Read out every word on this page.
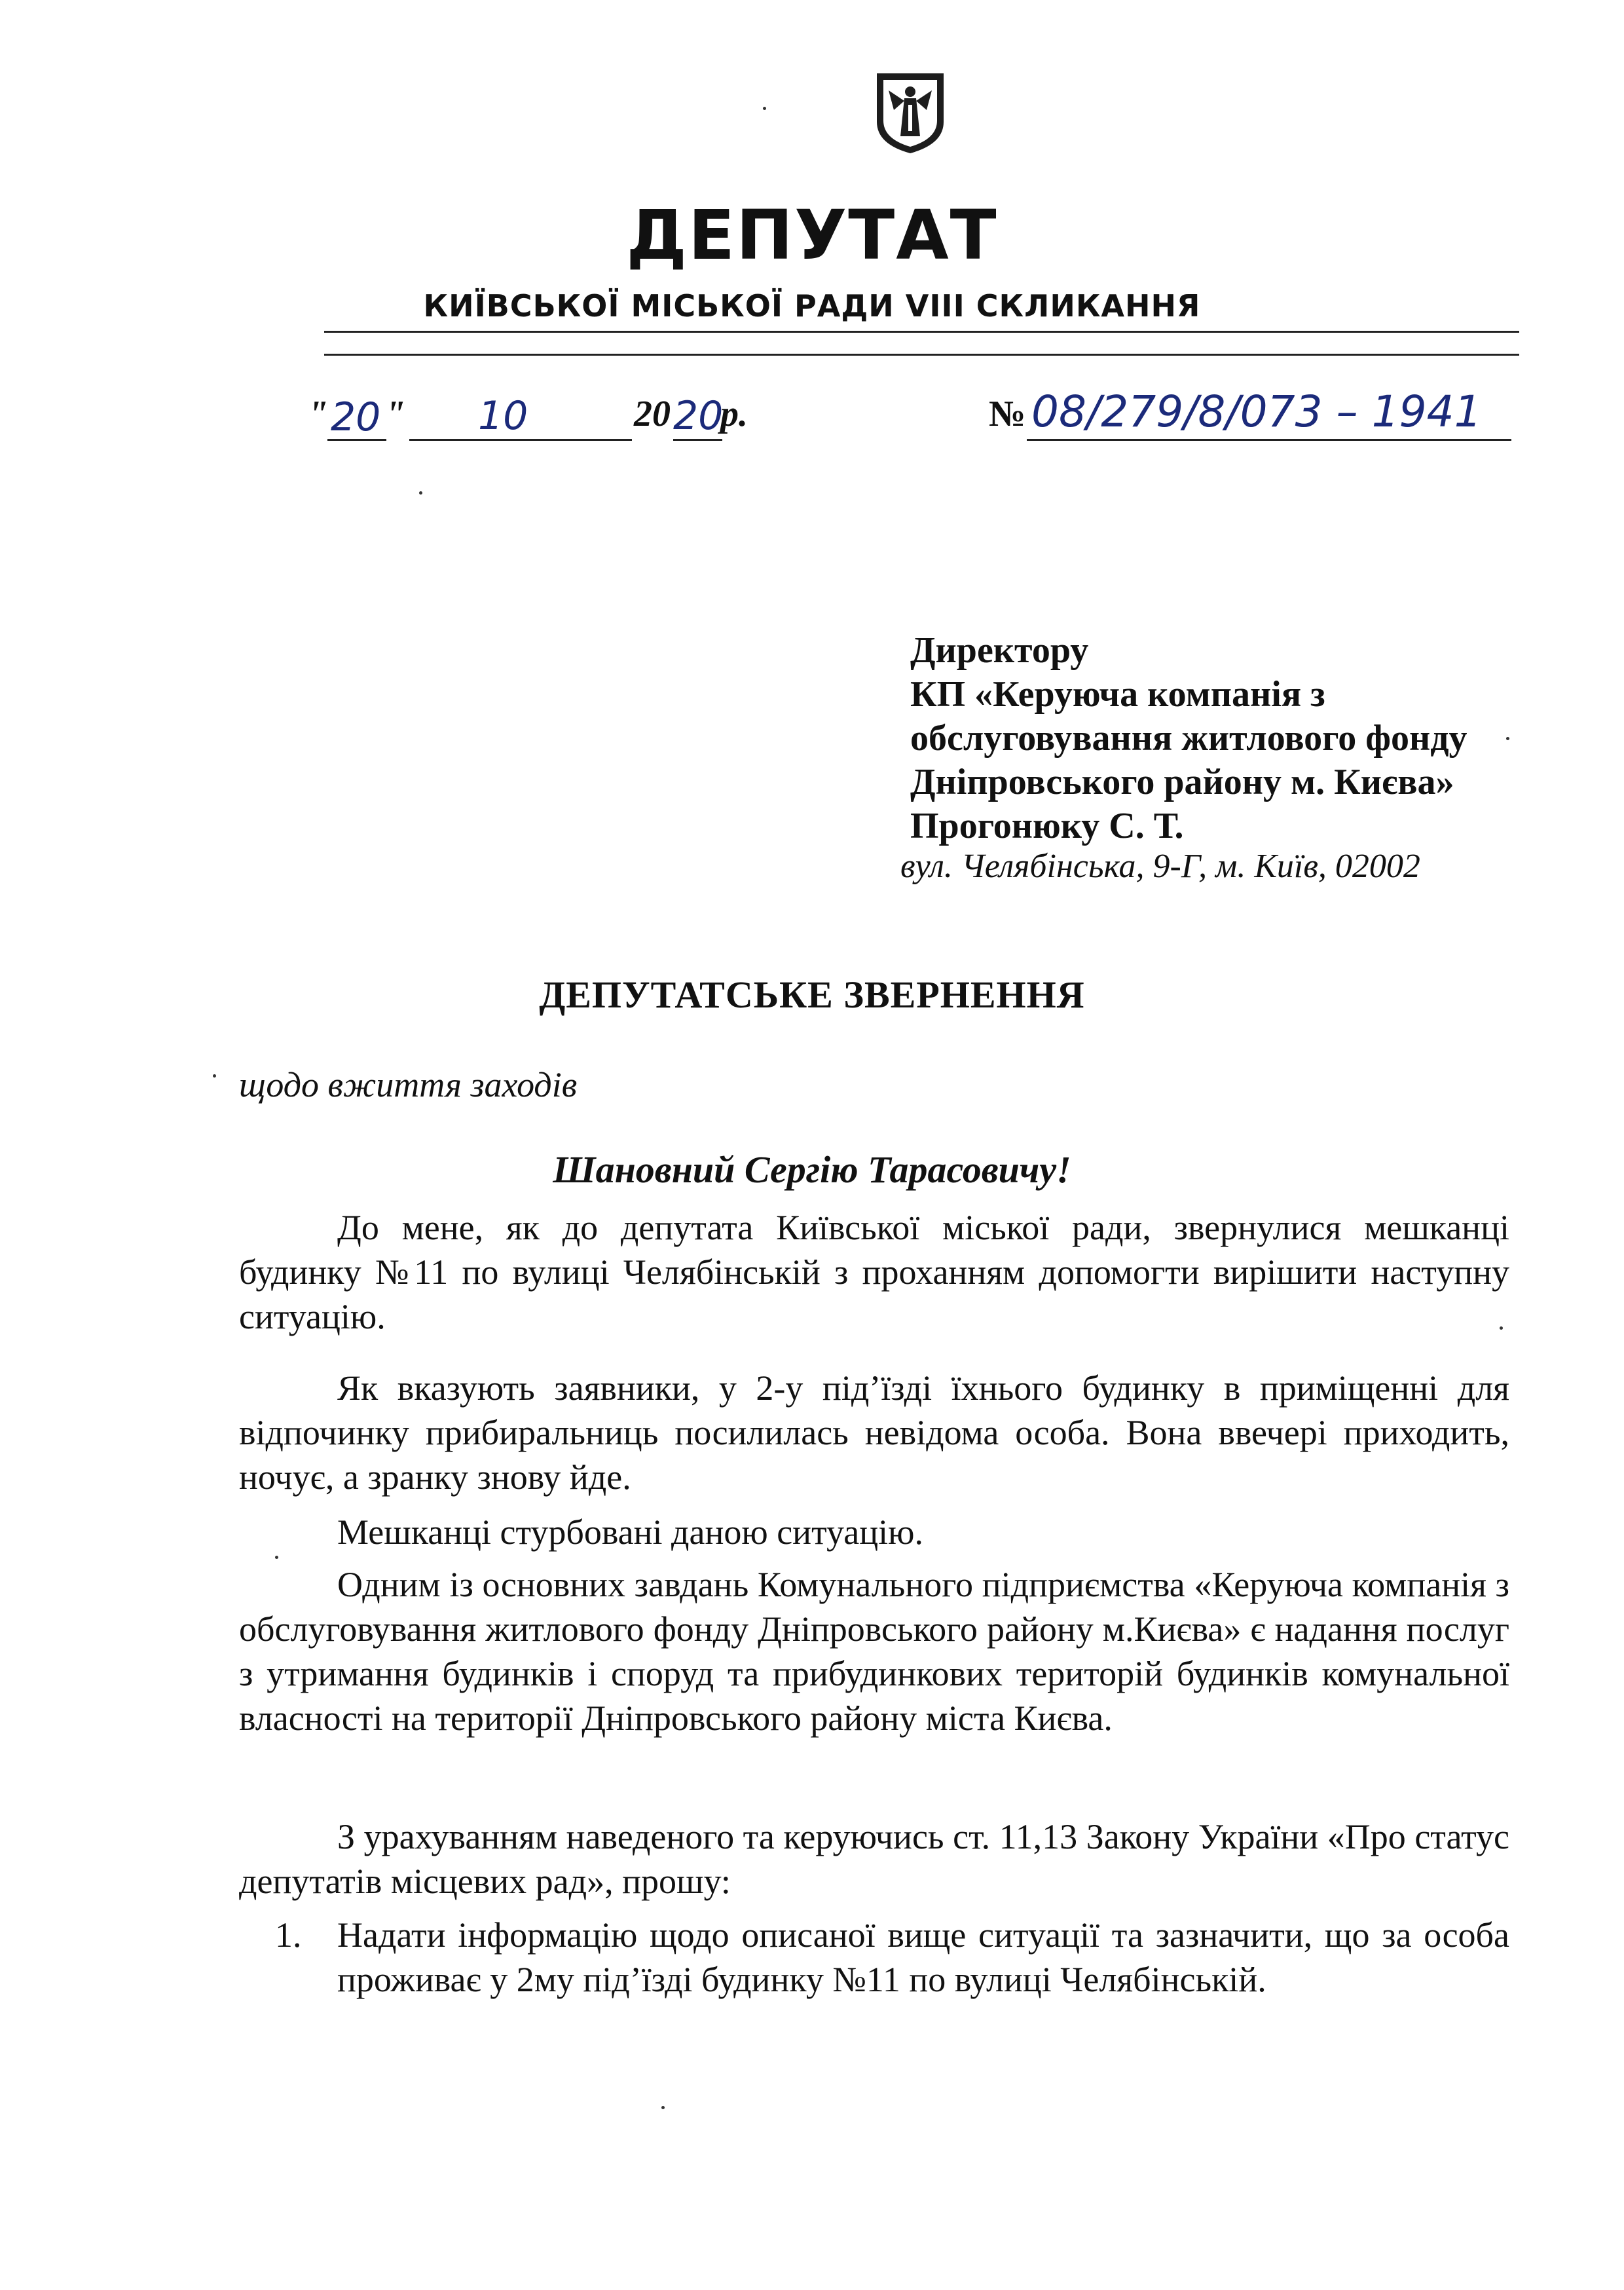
ДЕПУТАТ
КИЇВСЬКОЇ МІСЬКОЇ РАДИ VIII СКЛИКАННЯ
" 20 " 10	20 20
р.	№ 08/279/8/073 – 1941
Директору
КП «Керуюча компанія з
обслуговування житлового фонду
Дніпровського району м. Києва»
Прогонюку С. Т.
вул. Челябінська, 9-Г, м. Київ, 02002
ДЕПУТАТСЬКЕ ЗВЕРНЕННЯ
щодо вжиття заходів
Шановний Сергію Тарасовичу!
До мене, як до депутата Київської міської ради, звернулися мешканці будинку №11 по вулиці Челябінській з проханням допомогти вирішити наступну ситуацію.
Як вказують заявники, у 2-у під’їзді їхнього будинку в приміщенні для відпочинку прибиральниць посилилась невідома особа. Вона ввечері приходить, ночує, а зранку знову йде.
Мешканці стурбовані даною ситуацію.
Одним із основних завдань Комунального підприємства «Керуюча компанія з обслуговування житлового фонду Дніпровського району м.Києва» є надання послуг з утримання будинків і споруд та прибудинкових територій будинків комунальної власності на території Дніпровського району міста Києва.
З урахуванням наведеного та керуючись ст. 11,13 Закону України «Про статус депутатів місцевих рад», прошу:
1. Надати інформацію щодо описаної вище ситуації та зазначити, що за особа проживає у 2му під’їзді будинку №11 по вулиці Челябінській.
